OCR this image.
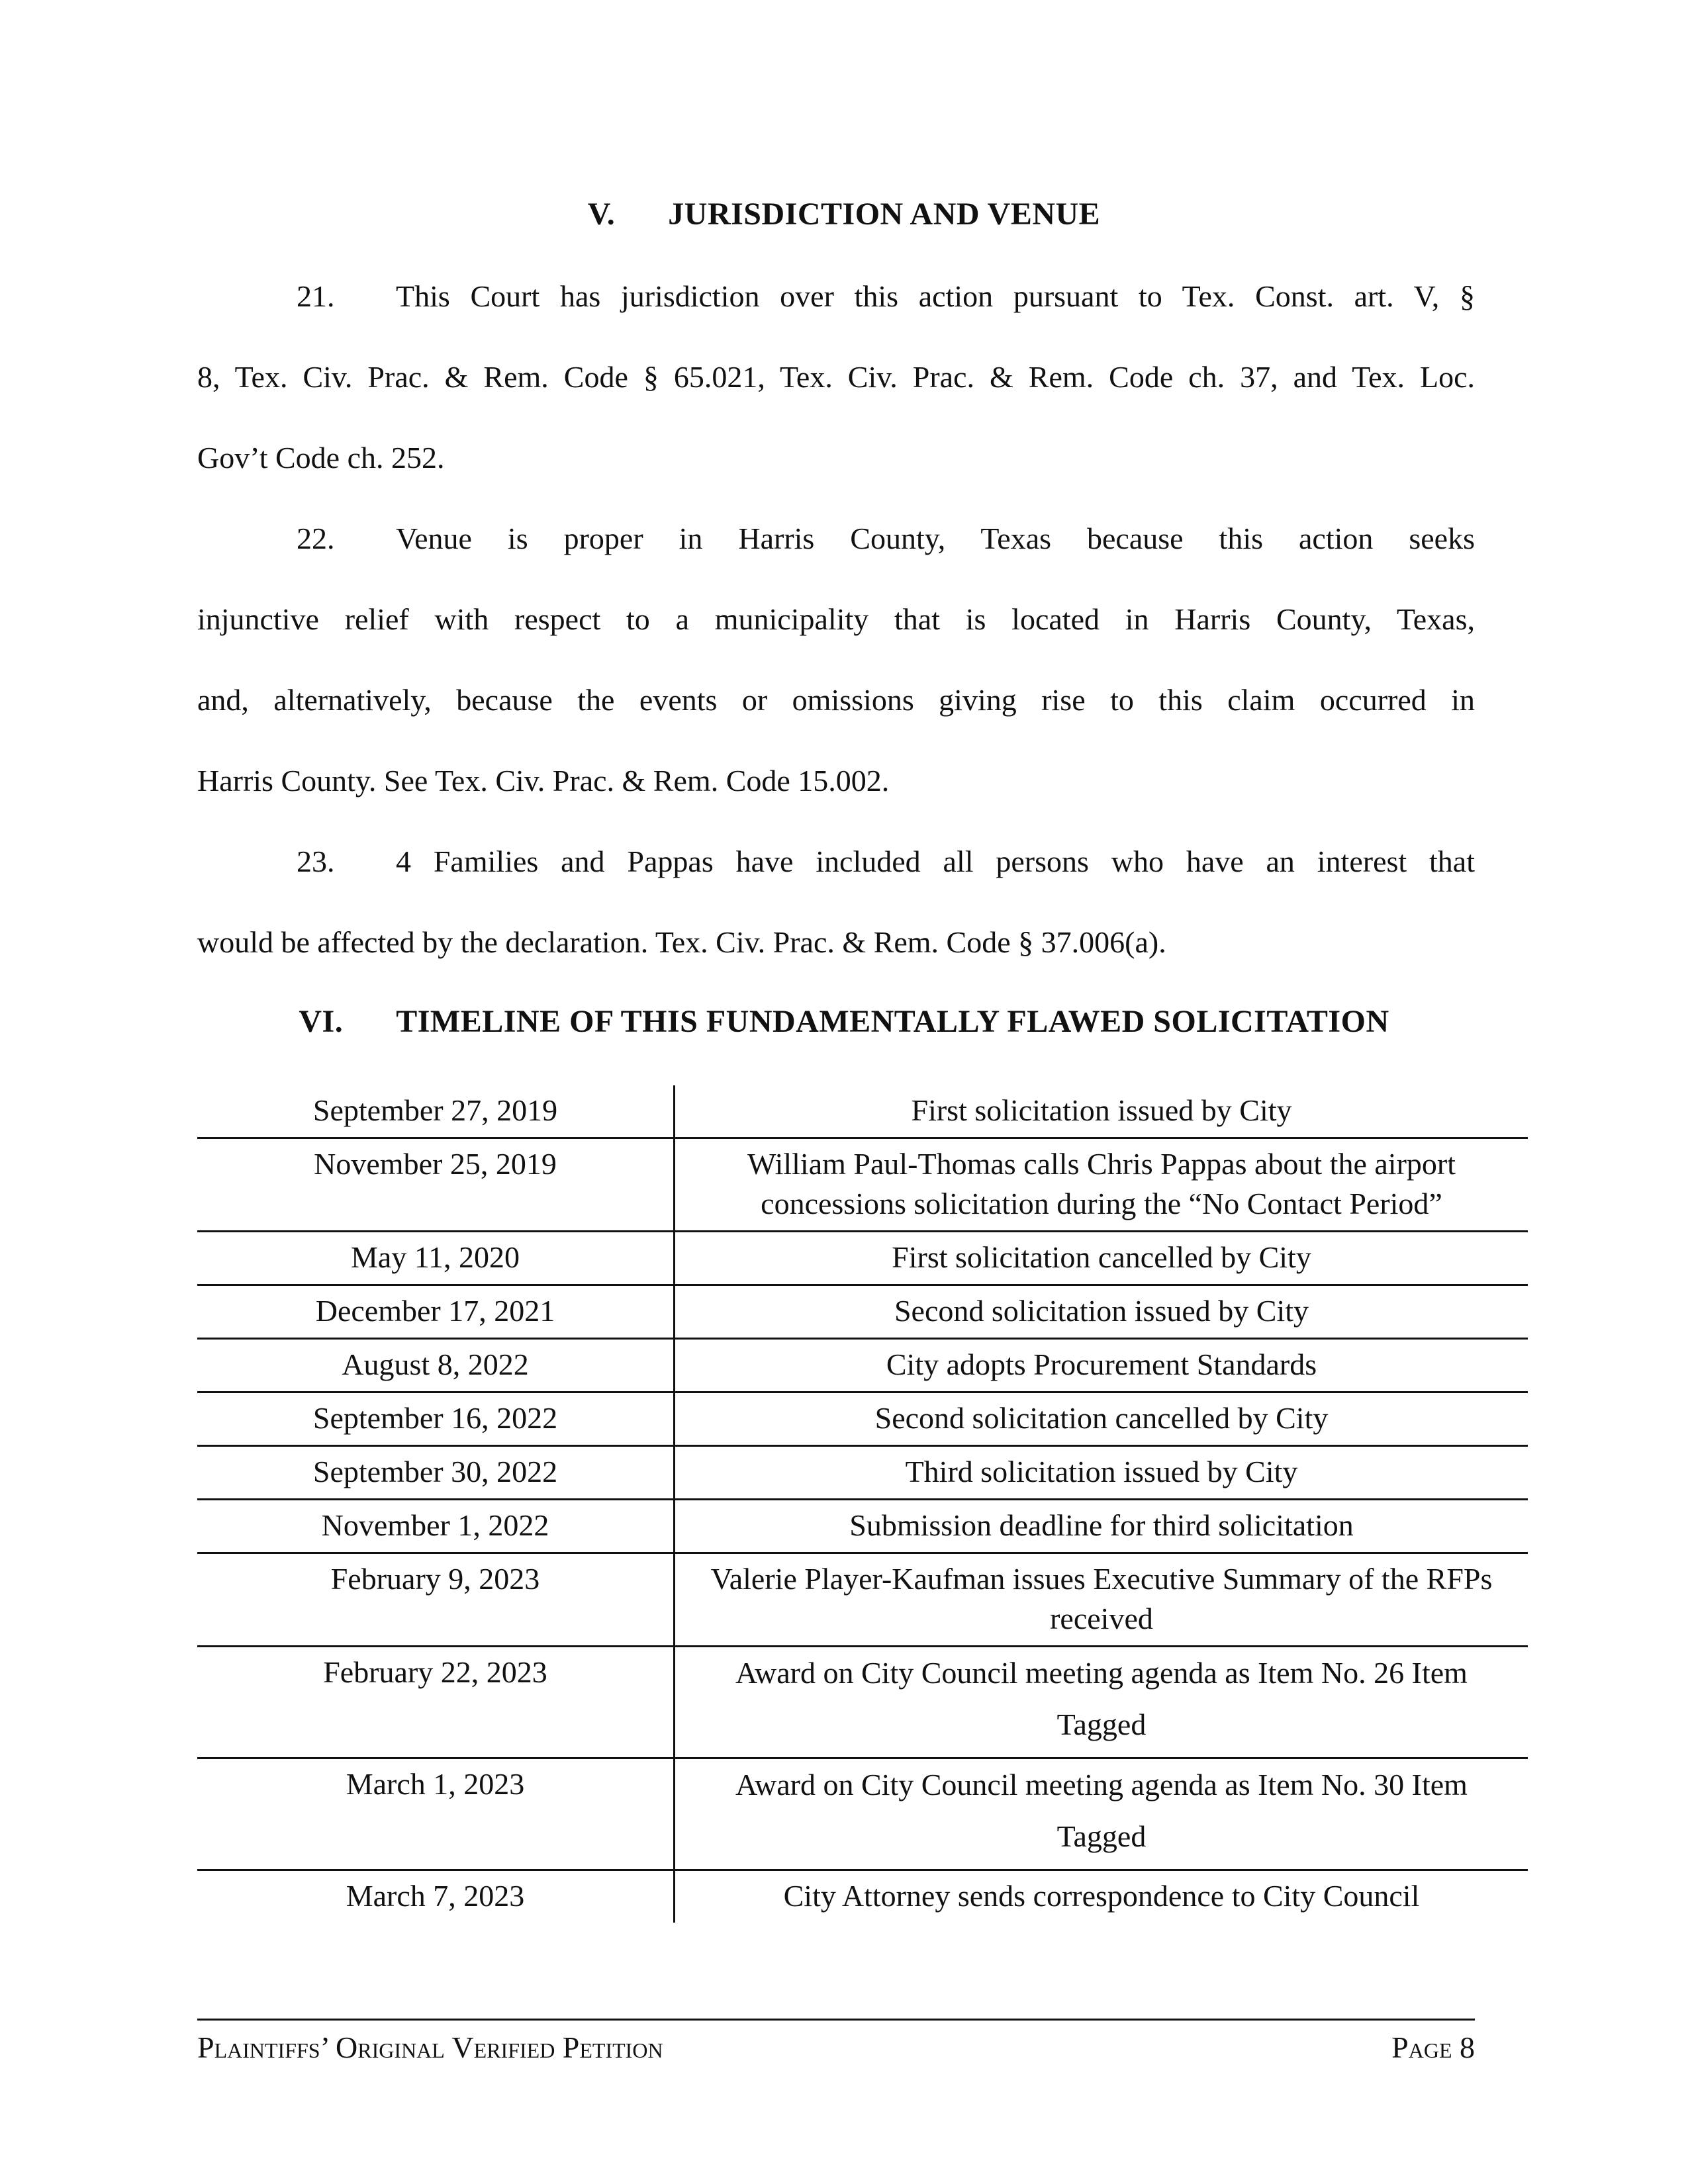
V. JURISDICTION AND VENUE
21.	This Court has jurisdiction over this action pursuant to Tex. Const. art. V, §
8, Tex. Civ. Prac. & Rem. Code § 65.021, Tex. Civ. Prac. & Rem. Code ch. 37, and Tex. Loc.
Gov’t Code ch. 252.
22.	Venue is proper in Harris County, Texas because this action seeks
injunctive relief with respect to a municipality that is located in Harris County, Texas,
and, alternatively, because the events or omissions giving rise to this claim occurred in
Harris County. See Tex. Civ. Prac. & Rem. Code 15.002.
23.	4 Families and Pappas have included all persons who have an interest that
would be affected by the declaration. Tex. Civ. Prac. & Rem. Code § 37.006(a).
VI. TIMELINE OF THIS FUNDAMENTALLY FLAWED SOLICITATION
September 27, 2019	First solicitation issued by City
November 25, 2019	William Paul-Thomas calls Chris Pappas about the airport concessions solicitation during the “No Contact Period”
May 11, 2020	First solicitation cancelled by City
December 17, 2021	Second solicitation issued by City
August 8, 2022	City adopts Procurement Standards
September 16, 2022	Second solicitation cancelled by City
September 30, 2022	Third solicitation issued by City
November 1, 2022	Submission deadline for third solicitation
February 9, 2023	Valerie Player-Kaufman issues Executive Summary of the RFPs received
February 22, 2023	Award on City Council meeting agenda as Item No. 26 Item Tagged
March 1, 2023	Award on City Council meeting agenda as Item No. 30 Item Tagged
March 7, 2023	City Attorney sends correspondence to City Council
Plaintiffs’ Original Verified Petition	Page 8
